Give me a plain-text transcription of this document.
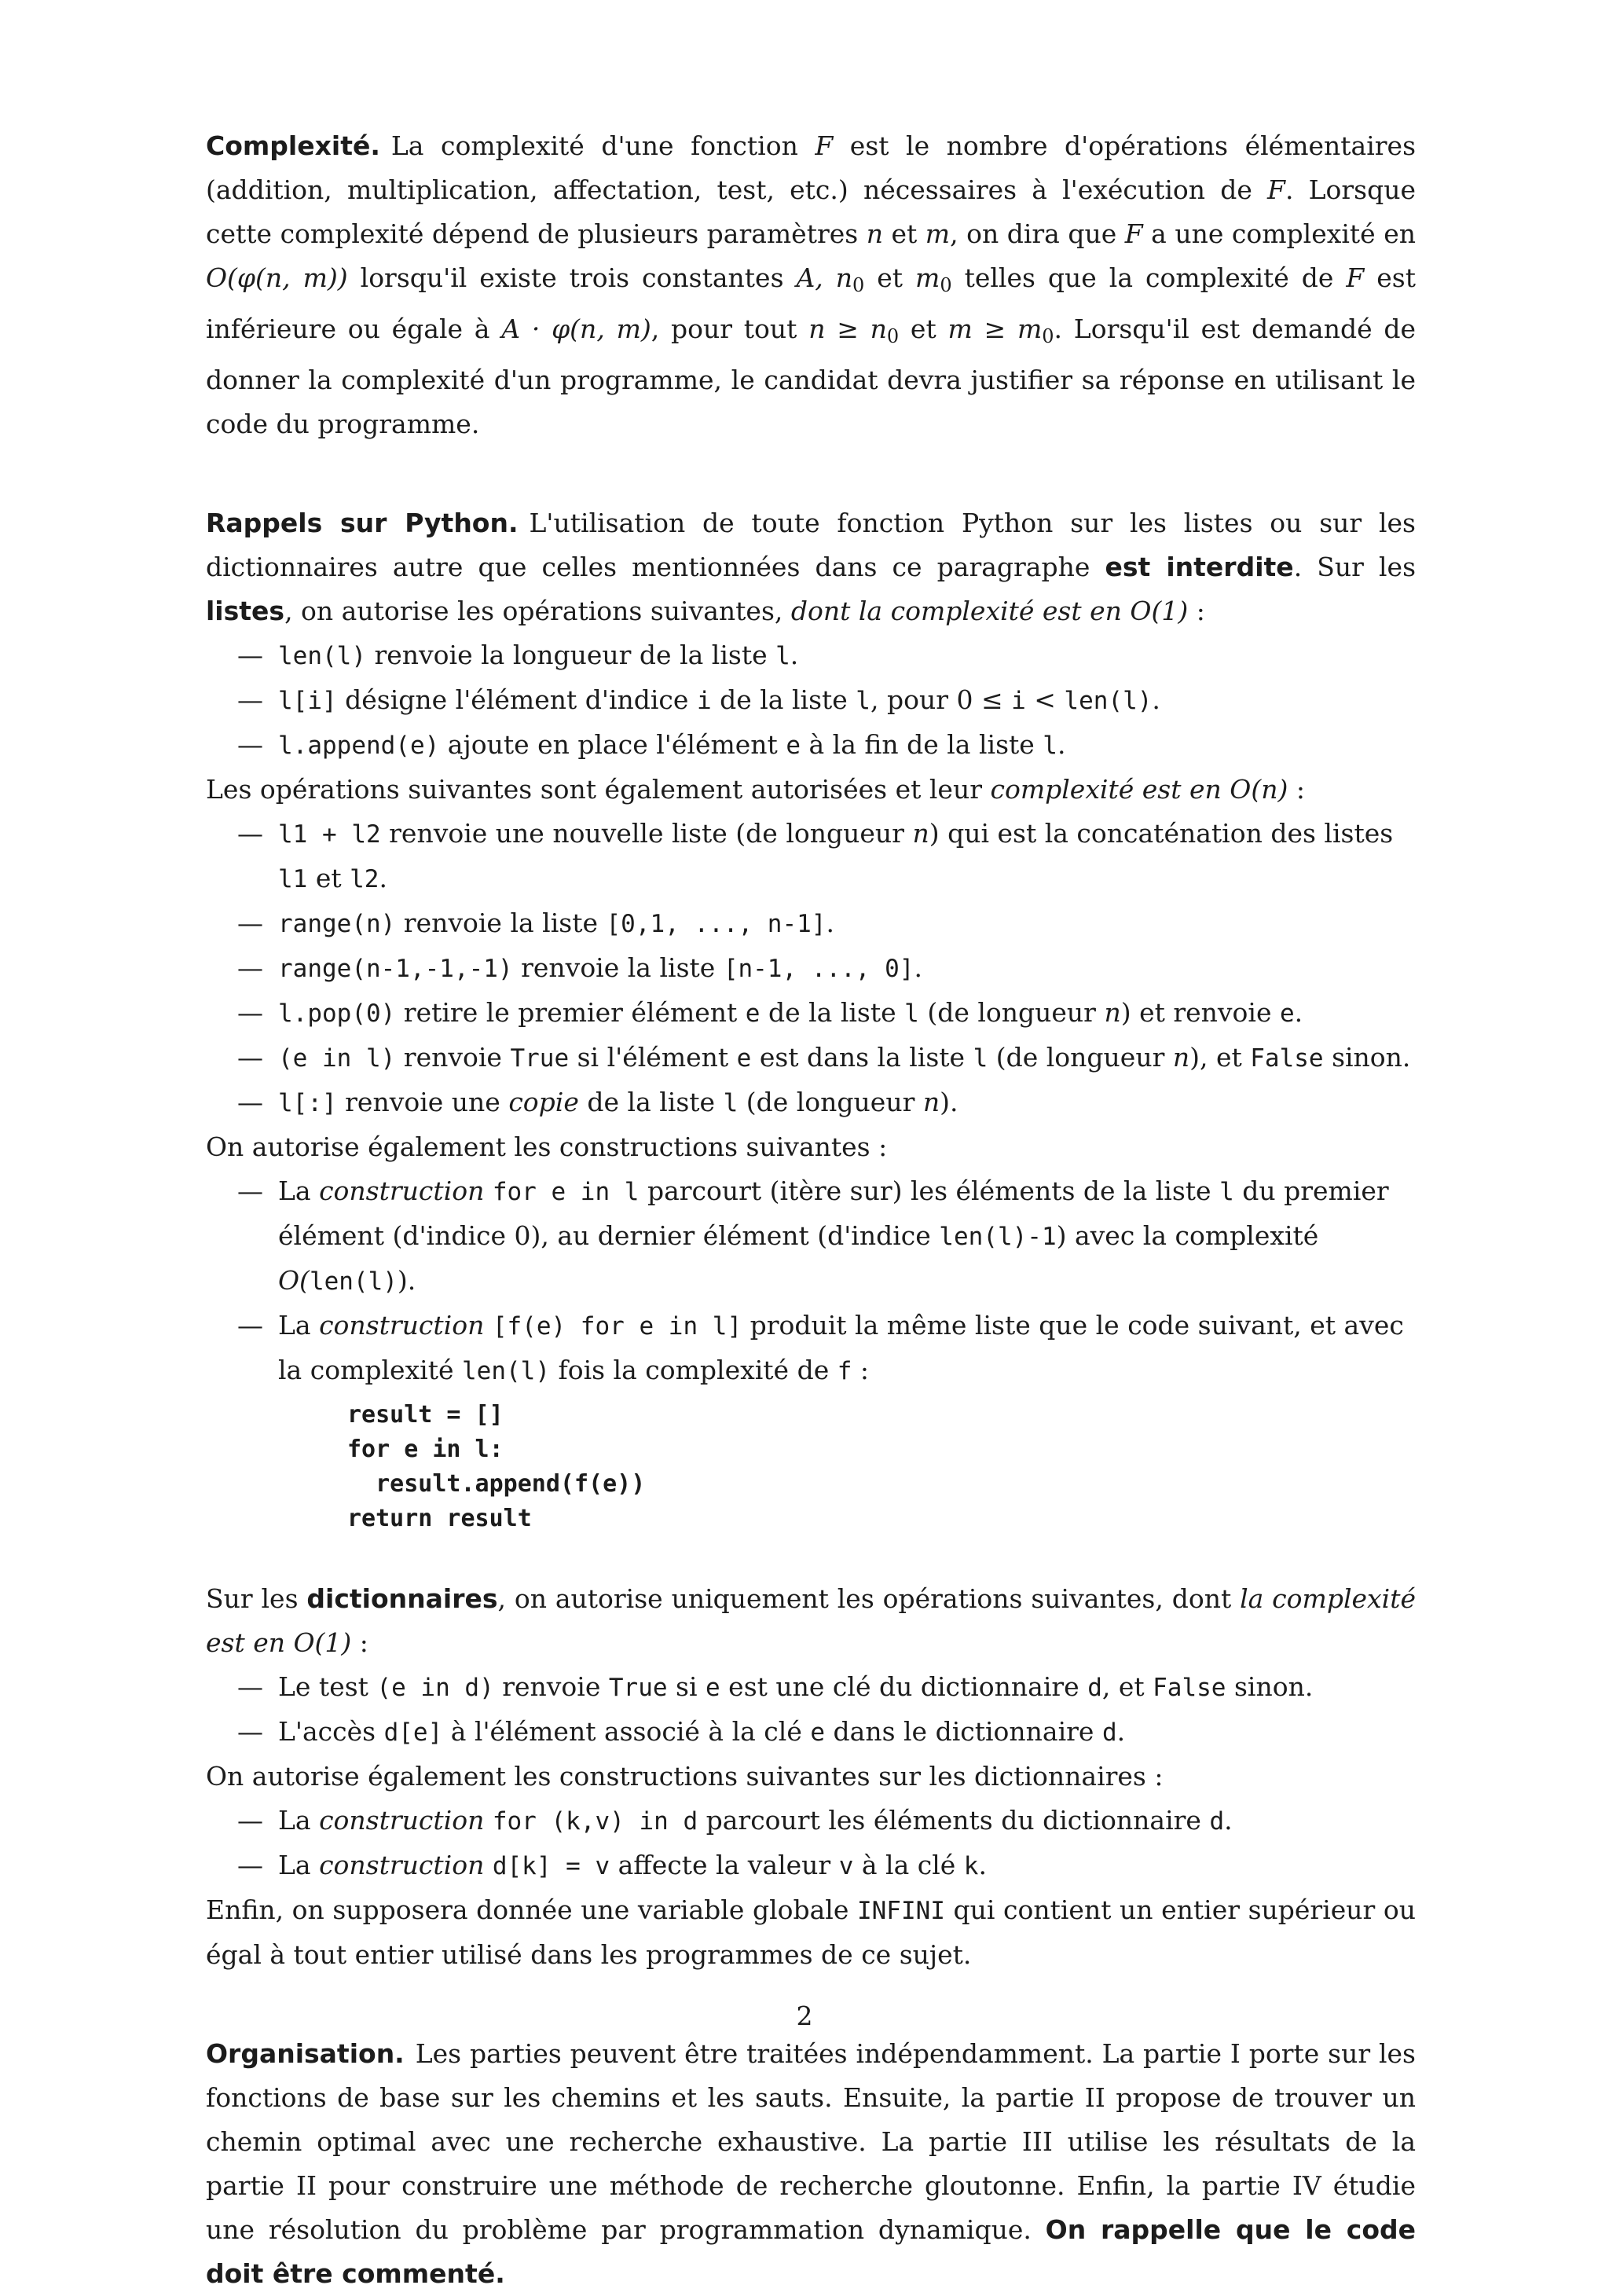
Complexité. La complexité d'une fonction F est le nombre d'opérations élémentaires (addition, multiplication, affectation, test, etc.) nécessaires à l'exécution de F. Lorsque cette complexité dépend de plusieurs paramètres n et m, on dira que F a une complexité en O(φ(n, m)) lorsqu'il existe trois constantes A, n0 et m0 telles que la complexité de F est inférieure ou égale à A · φ(n, m), pour tout n ≥ n0 et m ≥ m0. Lorsqu'il est demandé de donner la complexité d'un programme, le candidat devra justifier sa réponse en utilisant le code du programme.

Rappels sur Python. L'utilisation de toute fonction Python sur les listes ou sur les dictionnaires autre que celles mentionnées dans ce paragraphe est interdite. Sur les listes, on autorise les opérations suivantes, dont la complexité est en O(1) :

— len(l) renvoie la longueur de la liste l.
— l[i] désigne l'élément d'indice i de la liste l, pour 0 ≤ i < len(l).
— l.append(e) ajoute en place l'élément e à la fin de la liste l.

Les opérations suivantes sont également autorisées et leur complexité est en O(n) :

— l1 + l2 renvoie une nouvelle liste (de longueur n) qui est la concaténation des listes l1 et l2.
— range(n) renvoie la liste [0,1, ..., n-1].
— range(n-1,-1,-1) renvoie la liste [n-1, ..., 0].
— l.pop(0) retire le premier élément e de la liste l (de longueur n) et renvoie e.
— (e in l) renvoie True si l'élément e est dans la liste l (de longueur n), et False sinon.
— l[:] renvoie une copie de la liste l (de longueur n).

On autorise également les constructions suivantes :

— La construction for e in l parcourt (itère sur) les éléments de la liste l du premier élément (d'indice 0), au dernier élément (d'indice len(l)-1) avec la complexité O(len(l)).
— La construction [f(e) for e in l] produit la même liste que le code suivant, et avec la complexité len(l) fois la complexité de f :
result = []
for e in l:
result.append(f(e))
return result

Sur les dictionnaires, on autorise uniquement les opérations suivantes, dont la complexité est en O(1) :

— Le test (e in d) renvoie True si e est une clé du dictionnaire d, et False sinon.
— L'accès d[e] à l'élément associé à la clé e dans le dictionnaire d.

On autorise également les constructions suivantes sur les dictionnaires :

— La construction for (k,v) in d parcourt les éléments du dictionnaire d.
— La construction d[k] = v affecte la valeur v à la clé k.

Enfin, on supposera donnée une variable globale INFINI qui contient un entier supérieur ou égal à tout entier utilisé dans les programmes de ce sujet.

Organisation. Les parties peuvent être traitées indépendamment. La partie I porte sur les fonctions de base sur les chemins et les sauts. Ensuite, la partie II propose de trouver un chemin optimal avec une recherche exhaustive. La partie III utilise les résultats de la partie II pour construire une méthode de recherche gloutonne. Enfin, la partie IV étudie une résolution du problème par programmation dynamique. On rappelle que le code doit être commenté.

2
